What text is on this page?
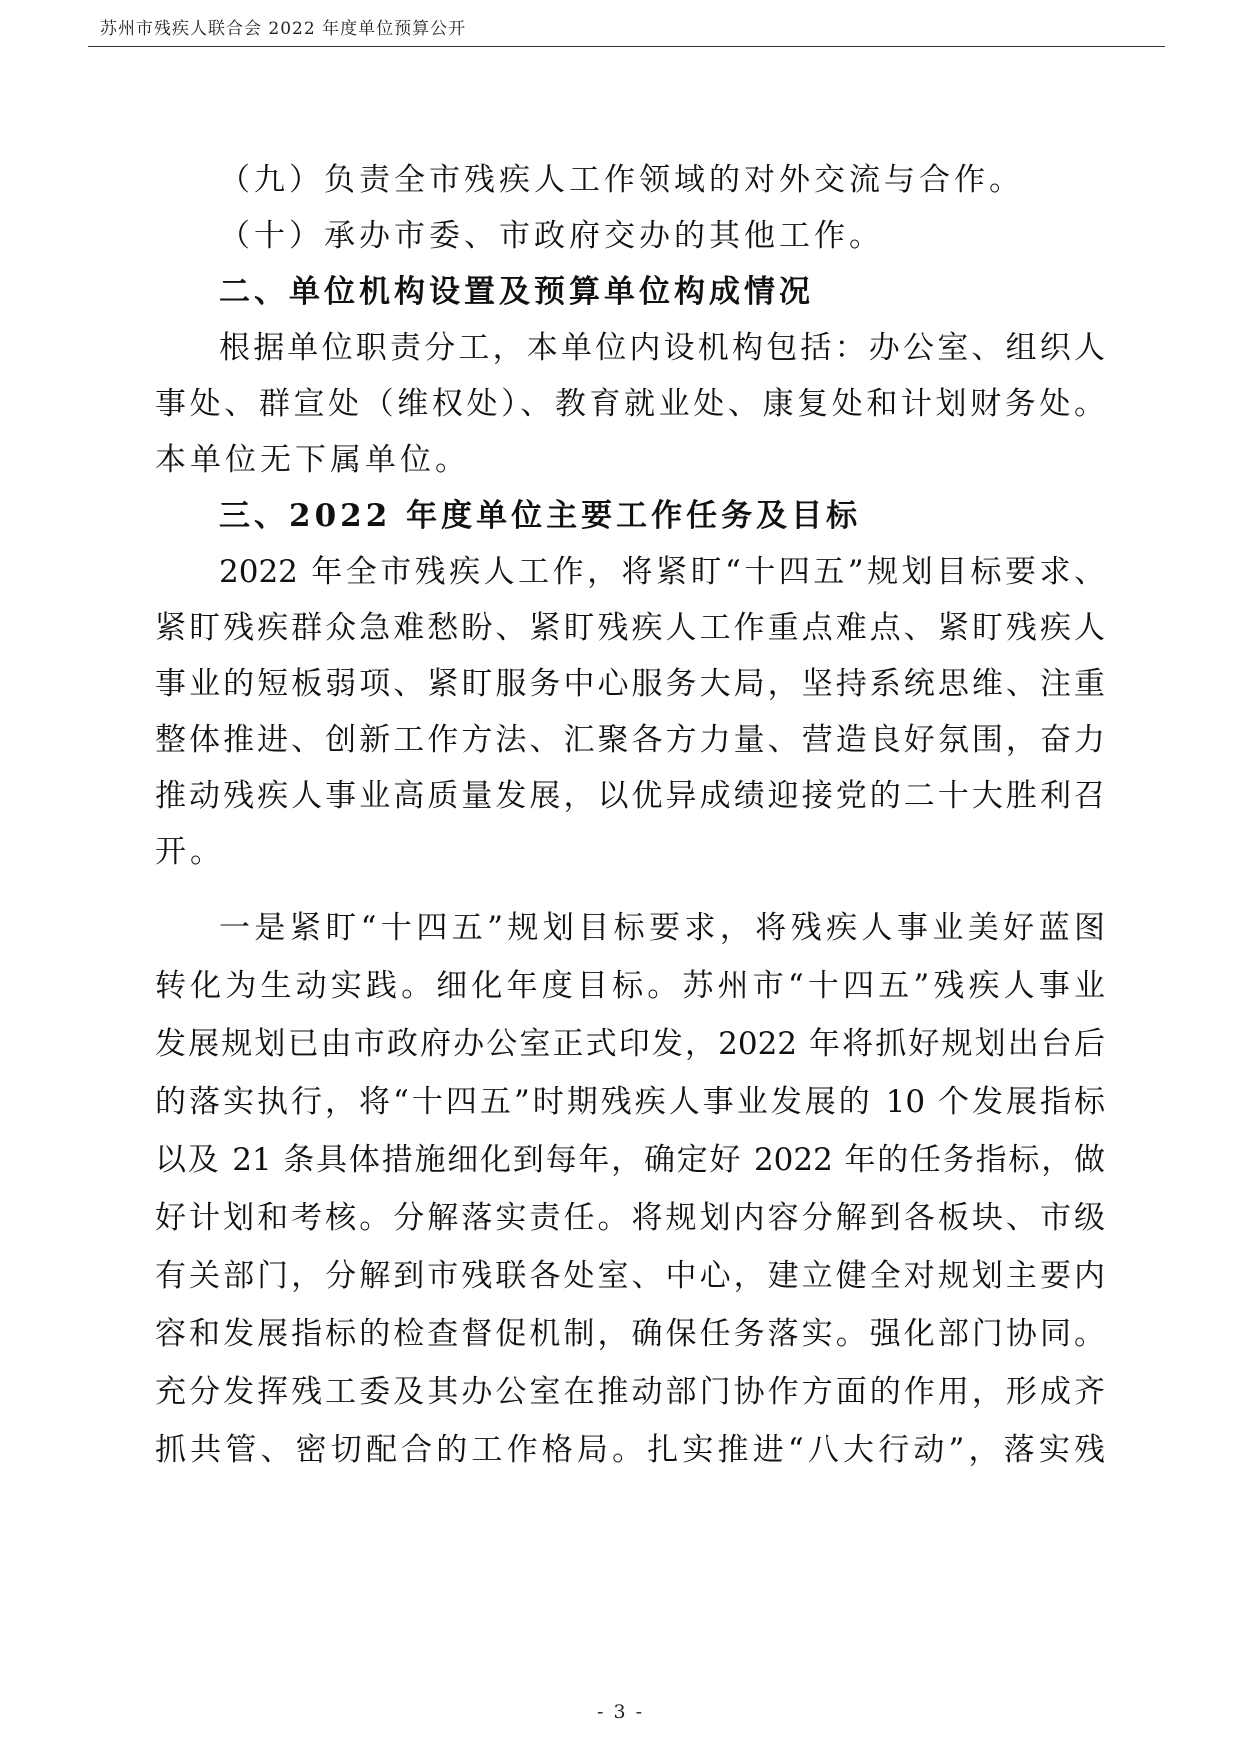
苏州市残疾人联合会 2022 年度单位预算公开
（九）负责全市残疾人工作领域的对外交流与合作。
（十）承办市委、市政府交办的其他工作。
二、单位机构设置及预算单位构成情况
根据单位职责分工，本单位内设机构包括：办公室、组织人
事处、群宣处（维权处）、教育就业处、康复处和计划财务处。
本单位无下属单位。
三、2022 年度单位主要工作任务及目标
2022 年全市残疾人工作，将紧盯“十四五”规划目标要求、
紧盯残疾群众急难愁盼、紧盯残疾人工作重点难点、紧盯残疾人
事业的短板弱项、紧盯服务中心服务大局，坚持系统思维、注重
整体推进、创新工作方法、汇聚各方力量、营造良好氛围，奋力
推动残疾人事业高质量发展，以优异成绩迎接党的二十大胜利召
开。
一是紧盯“十四五”规划目标要求，将残疾人事业美好蓝图
转化为生动实践。细化年度目标。苏州市“十四五”残疾人事业
发展规划已由市政府办公室正式印发，2022 年将抓好规划出台后
的落实执行，将“十四五”时期残疾人事业发展的 10 个发展指标
以及 21 条具体措施细化到每年，确定好 2022 年的任务指标，做
好计划和考核。分解落实责任。将规划内容分解到各板块、市级
有关部门，分解到市残联各处室、中心，建立健全对规划主要内
容和发展指标的检查督促机制，确保任务落实。强化部门协同。
充分发挥残工委及其办公室在推动部门协作方面的作用，形成齐
抓共管、密切配合的工作格局。扎实推进“八大行动”，落实残
- 3 -
